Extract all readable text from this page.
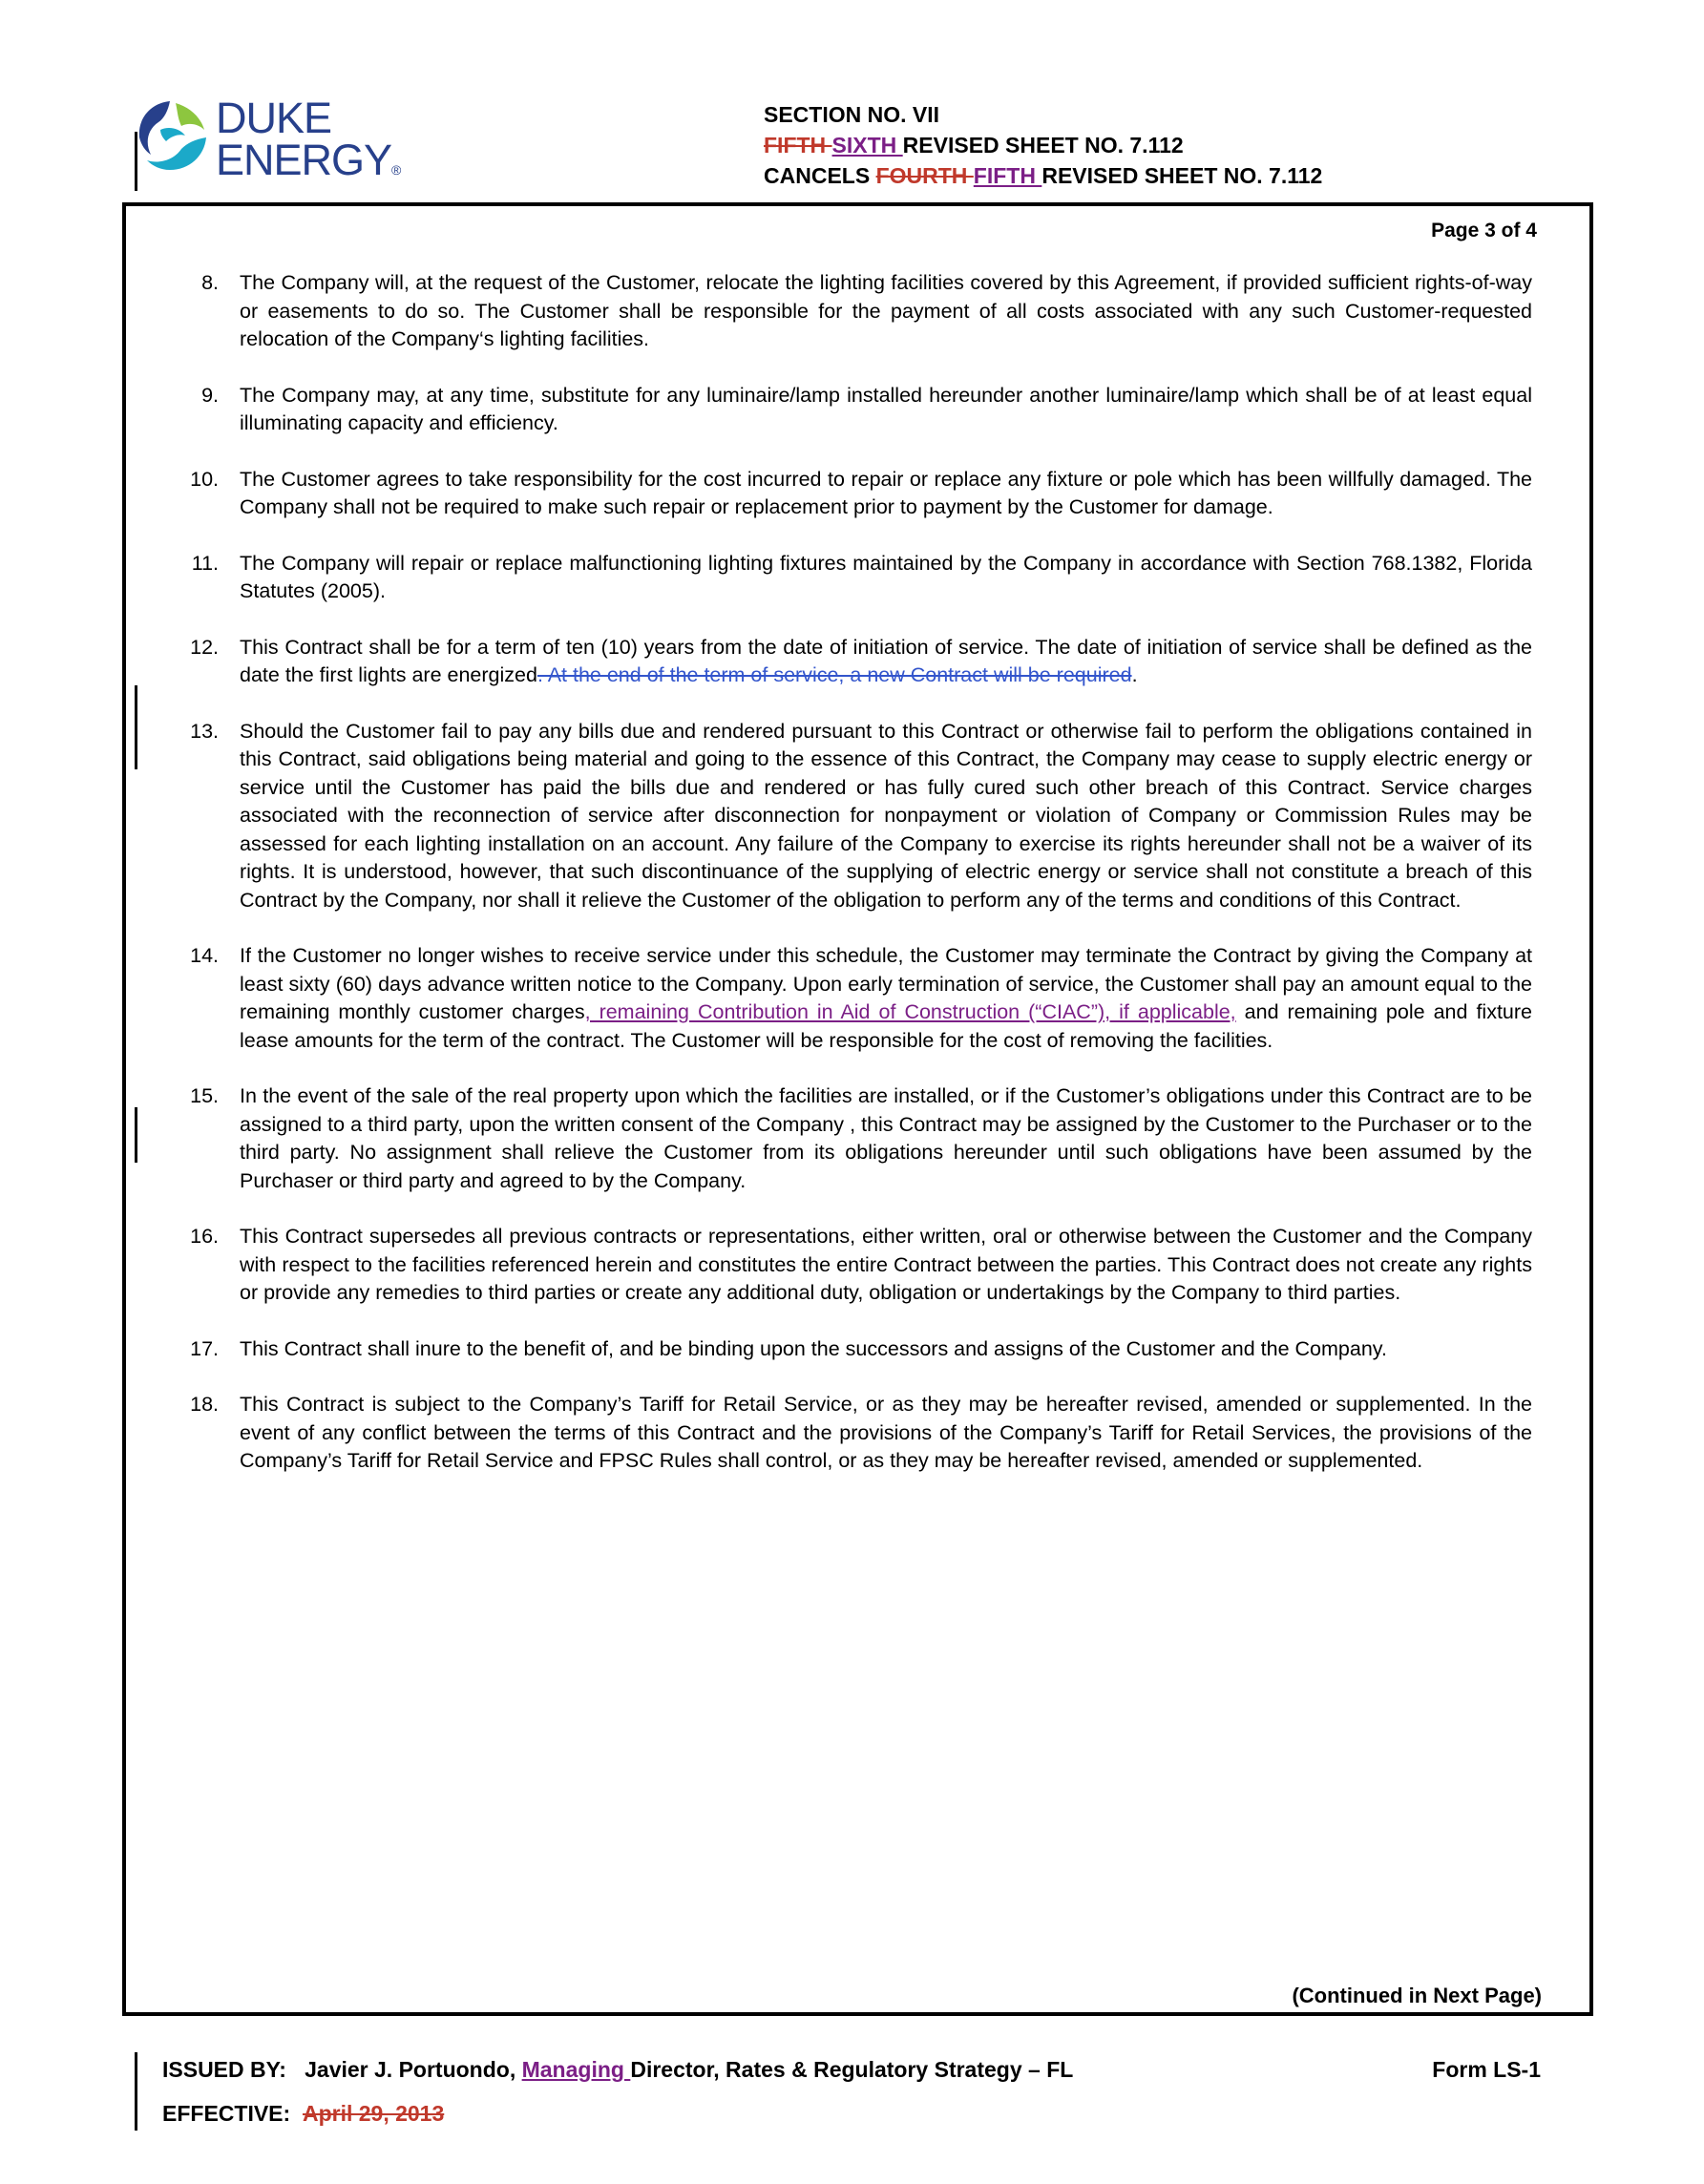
DUKE
ENERGY®
SECTION NO. VII
FIFTH SIXTH REVISED SHEET NO. 7.112
CANCELS FOURTH FIFTH REVISED SHEET NO. 7.112
Page 3 of 4
8. The Company will, at the request of the Customer, relocate the lighting facilities covered by this Agreement, if provided sufficient rights-of-way or easements to do so. The Customer shall be responsible for the payment of all costs associated with any such Customer-requested relocation of the Company‘s lighting facilities.
9. The Company may, at any time, substitute for any luminaire/lamp installed hereunder another luminaire/lamp which shall be of at least equal illuminating capacity and efficiency.
10. The Customer agrees to take responsibility for the cost incurred to repair or replace any fixture or pole which has been willfully damaged. The Company shall not be required to make such repair or replacement prior to payment by the Customer for damage.
11. The Company will repair or replace malfunctioning lighting fixtures maintained by the Company in accordance with Section 768.1382, Florida Statutes (2005).
12. This Contract shall be for a term of ten (10) years from the date of initiation of service. The date of initiation of service shall be defined as the date the first lights are energized. At the end of the term of service, a new Contract will be required.
13. Should the Customer fail to pay any bills due and rendered pursuant to this Contract or otherwise fail to perform the obligations contained in this Contract, said obligations being material and going to the essence of this Contract, the Company may cease to supply electric energy or service until the Customer has paid the bills due and rendered or has fully cured such other breach of this Contract. Service charges associated with the reconnection of service after disconnection for nonpayment or violation of Company or Commission Rules may be assessed for each lighting installation on an account. Any failure of the Company to exercise its rights hereunder shall not be a waiver of its rights. It is understood, however, that such discontinuance of the supplying of electric energy or service shall not constitute a breach of this Contract by the Company, nor shall it relieve the Customer of the obligation to perform any of the terms and conditions of this Contract.
14. If the Customer no longer wishes to receive service under this schedule, the Customer may terminate the Contract by giving the Company at least sixty (60) days advance written notice to the Company. Upon early termination of service, the Customer shall pay an amount equal to the remaining monthly customer charges, remaining Contribution in Aid of Construction (“CIAC”), if applicable, and remaining pole and fixture lease amounts for the term of the contract. The Customer will be responsible for the cost of removing the facilities.
15. In the event of the sale of the real property upon which the facilities are installed, or if the Customer’s obligations under this Contract are to be assigned to a third party, upon the written consent of the Company , this Contract may be assigned by the Customer to the Purchaser or to the third party. No assignment shall relieve the Customer from its obligations hereunder until such obligations have been assumed by the Purchaser or third party and agreed to by the Company.
16. This Contract supersedes all previous contracts or representations, either written, oral or otherwise between the Customer and the Company with respect to the facilities referenced herein and constitutes the entire Contract between the parties. This Contract does not create any rights or provide any remedies to third parties or create any additional duty, obligation or undertakings by the Company to third parties.
17. This Contract shall inure to the benefit of, and be binding upon the successors and assigns of the Customer and the Company.
18. This Contract is subject to the Company’s Tariff for Retail Service, or as they may be hereafter revised, amended or supplemented. In the event of any conflict between the terms of this Contract and the provisions of the Company’s Tariff for Retail Services, the provisions of the Company’s Tariff for Retail Service and FPSC Rules shall control, or as they may be hereafter revised, amended or supplemented.
(Continued in Next Page)
ISSUED BY: Javier J. Portuondo, Managing Director, Rates & Regulatory Strategy – FL	Form LS-1
EFFECTIVE: April 29, 2013
